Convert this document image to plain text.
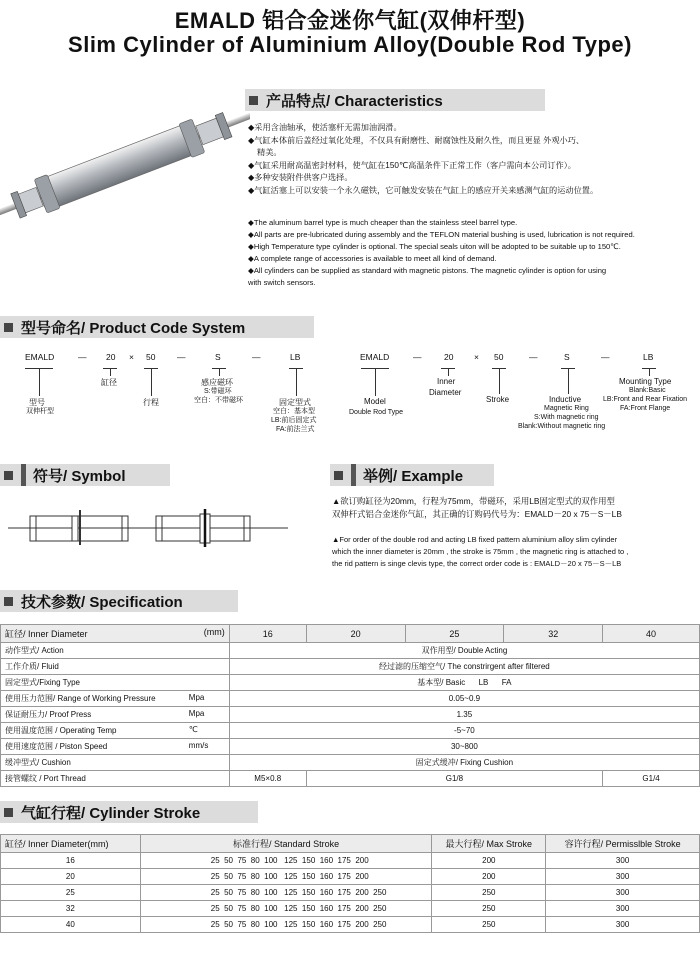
EMALD 铝合金迷你气缸(双伸杆型)
Slim Cylinder of Aluminium Alloy(Double Rod Type)
产品特点/ Characteristics

◆采用含油轴承，使活塞杆无需加油润滑。

◆气缸本体前后盖经过氧化处理，不仅具有耐磨性、耐腐蚀性及耐久性，而且更显 外观小巧、

精美。

◆气缸采用耐高温密封材料，使气缸在150℃高温条件下正常工作（客户需向本公司订作）。

◆多种安装附件供客户选择。

◆气缸活塞上可以安装一个永久磁铁，它可触发安装在气缸上的感应开关来感测气缸的运动位置。

◆The aluminum barrel type is much cheaper than the stainless steel barrel type.

◆All parts are pre-lubricated during assembly and the TEFLON material bushing is used, lubrication is not required.

◆High Temperature type cylinder is optional. The special seals uiton will be adopted to be suitable up to 150℃.

◆A complete range of accessories is available to meet all kind of demand.

◆All cylinders can be supplied as standard with magnetic pistons. The magnetic cylinder is option for using

with switch sensors.

型号命名/ Product Code System
EMALD	— 20 × 50	—	S	—	LB
型号
双伸杆型
缸径
行程
感应磁环
S:带磁环
空白：不带磁环	固定型式
空白：基本型
LB:前后固定式
FA:前法兰式
EMALD	—	20 × 50	—	S	—	LB
Model
Double Rod Type
Inner
Diameter
Stroke	Inductive
Magnetic Ring
S:With magnetic ring
Blank:Without magnetic ring
Mounting Type
Blank:Basic
LB:Front and Rear Fixation
FA:Front Flange
符号/ Symbol	举例/ Example

▲欲订购缸径为20mm，行程为75mm，带磁环，采用LB固定型式的双作用型

双伸杆式铝合金迷你气缸，其正确的订购码代号为：EMALD－20 x 75－S－LB

▲For order of the double rod and acting LB fixed pattern aluminium alloy slim cylinder

which the inner diameter is 20mm , the stroke is 75mm , the magnetic ring is attached to ,

the rid pattern is singe clevis type, the correct order code is : EMALD－20 x 75－S－LB

技术参数/ Specification
缸径/ Inner Diameter (mm)	16	20	25	32	40
动作型式/ Action	双作用型/ Double Acting				
工作介质/ Fluid	经过滤的压缩空气/ The constrirgent after filtered				
固定型式/Fixing Type	基本型/ Basic      LB      FA				
使用压力范围/ Range of Working Pressure Mpa	0.05~0.9				
保证耐压力/ Proof Press Mpa	1.35				
使用温度范围 / Operating Temp ℃	-5~70				
使用速度范围 / Piston Speed mm/s	30~800				
缓冲型式/ Cushion	固定式缓冲/ Fixing Cushion				
接管螺纹 / Port Thread	M5×0.8	G1/8			G1/4
气缸行程/ Cylinder Stroke
缸径/ Inner Diameter(mm)	标准行程/ Standard Stroke	最大行程/ Max Stroke	容许行程/ Permisslble Stroke
16	25  50  75  80  100   125  150  160  175  200	200	300
20	25  50  75  80  100   125  150  160  175  200	200	300
25	25  50  75  80  100   125  150  160  175  200  250	250	300
32	25  50  75  80  100   125  150  160  175  200  250	250	300
40	25  50  75  80  100   125  150  160  175  200  250	250	300
